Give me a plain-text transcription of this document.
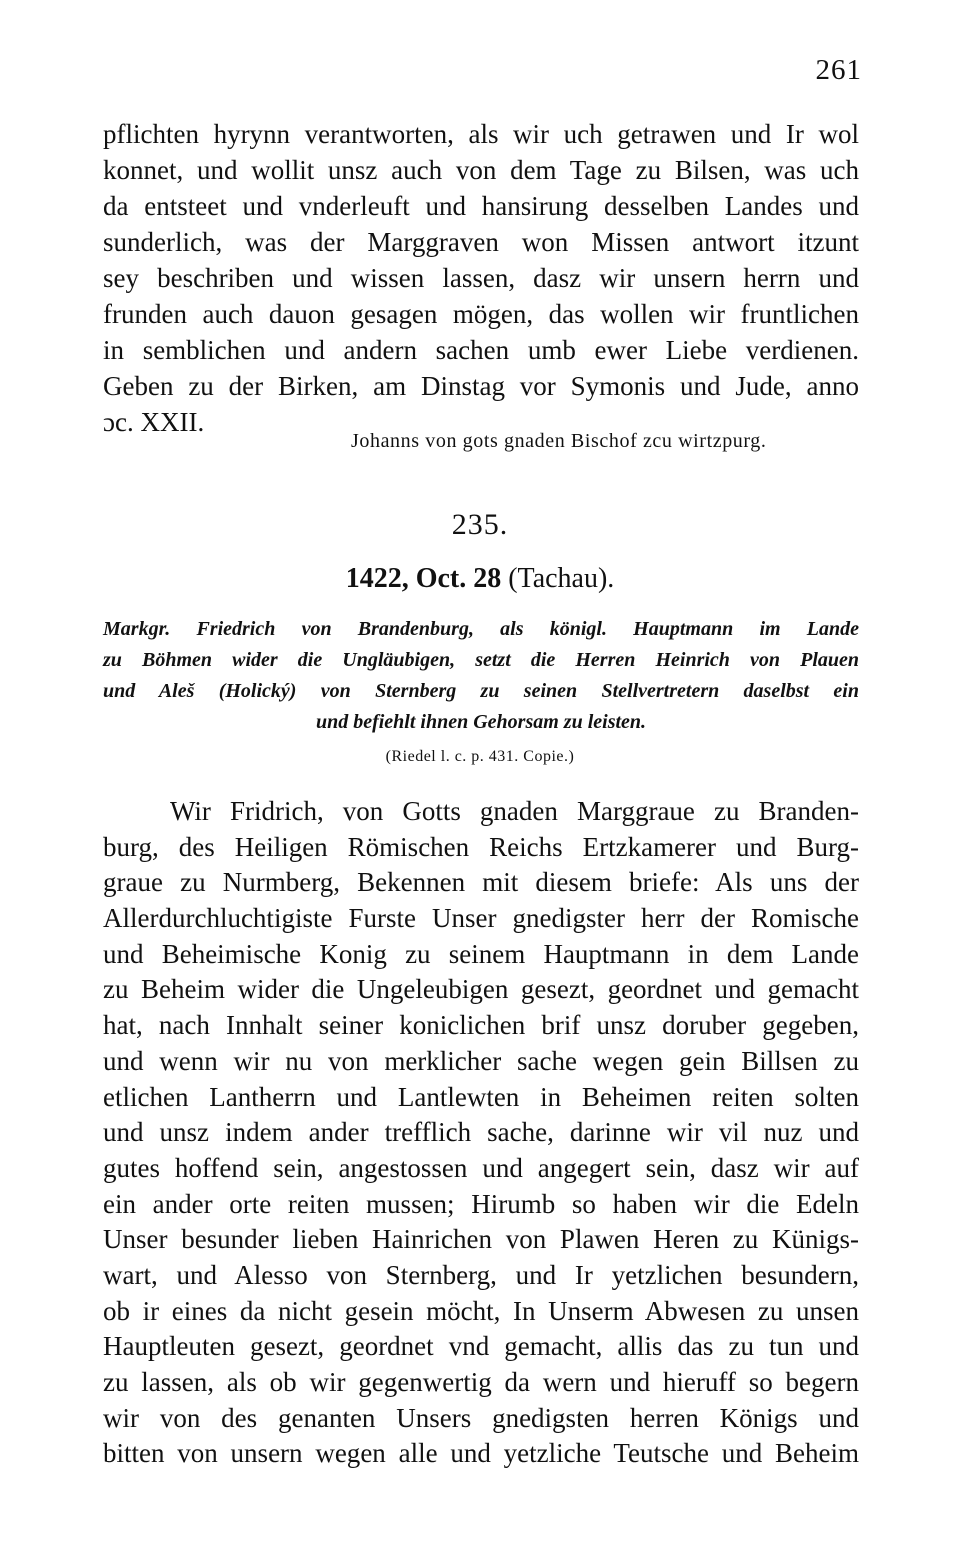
261
pflichten hyrynn verantworten, als wir uch getrawen und Ir wol
konnet, und wollit unsz auch von dem Tage zu Bilsen, was uch
da entsteet und vnderleuft und hansirung desselben Landes und
sunderlich, was der Marggraven won Missen antwort itzunt
sey beschriben und wissen lassen, dasz wir unsern herrn und
frunden auch dauon gesagen mögen, das wollen wir fruntlichen
in semblichen und andern sachen umb ewer Liebe verdienen.
Geben zu der Birken, am Dinstag vor Symonis und Jude, anno
ɔc. XXII.
Johanns von gots gnaden Bischof zcu wirtzpurg.
235.
1422, Oct. 28 (Tachau).
Markgr. Friedrich von Brandenburg, als königl. Hauptmann im Lande
zu Böhmen wider die Ungläubigen, setzt die Herren Heinrich von Plauen
und Aleš (Holický) von Sternberg zu seinen Stellvertretern daselbst ein
und befiehlt ihnen Gehorsam zu leisten.
(Riedel l. c. p. 431. Copie.)
Wir Fridrich, von Gotts gnaden Marggraue zu Branden-
burg, des Heiligen Römischen Reichs Ertzkamerer und Burg-
graue zu Nurmberg, Bekennen mit diesem briefe: Als uns der
Allerdurchluchtigiste Furste Unser gnedigster herr der Romische
und Beheimische Konig zu seinem Hauptmann in dem Lande
zu Beheim wider die Ungeleubigen gesezt, geordnet und gemacht
hat, nach Innhalt seiner koniclichen brif unsz doruber gegeben,
und wenn wir nu von merklicher sache wegen gein Billsen zu
etlichen Lantherrn und Lantlewten in Beheimen reiten solten
und unsz indem ander trefflich sache, darinne wir vil nuz und
gutes hoffend sein, angestossen und angegert sein, dasz wir auf
ein ander orte reiten mussen; Hirumb so haben wir die Edeln
Unser besunder lieben Hainrichen von Plawen Heren zu Künigs-
wart, und Alesso von Sternberg, und Ir yetzlichen besundern,
ob ir eines da nicht gesein möcht, In Unserm Abwesen zu unsen
Hauptleuten gesezt, geordnet vnd gemacht, allis das zu tun und
zu lassen, als ob wir gegenwertig da wern und hieruff so begern
wir von des genanten Unsers gnedigsten herren Königs und
bitten von unsern wegen alle und yetzliche Teutsche und Beheim
